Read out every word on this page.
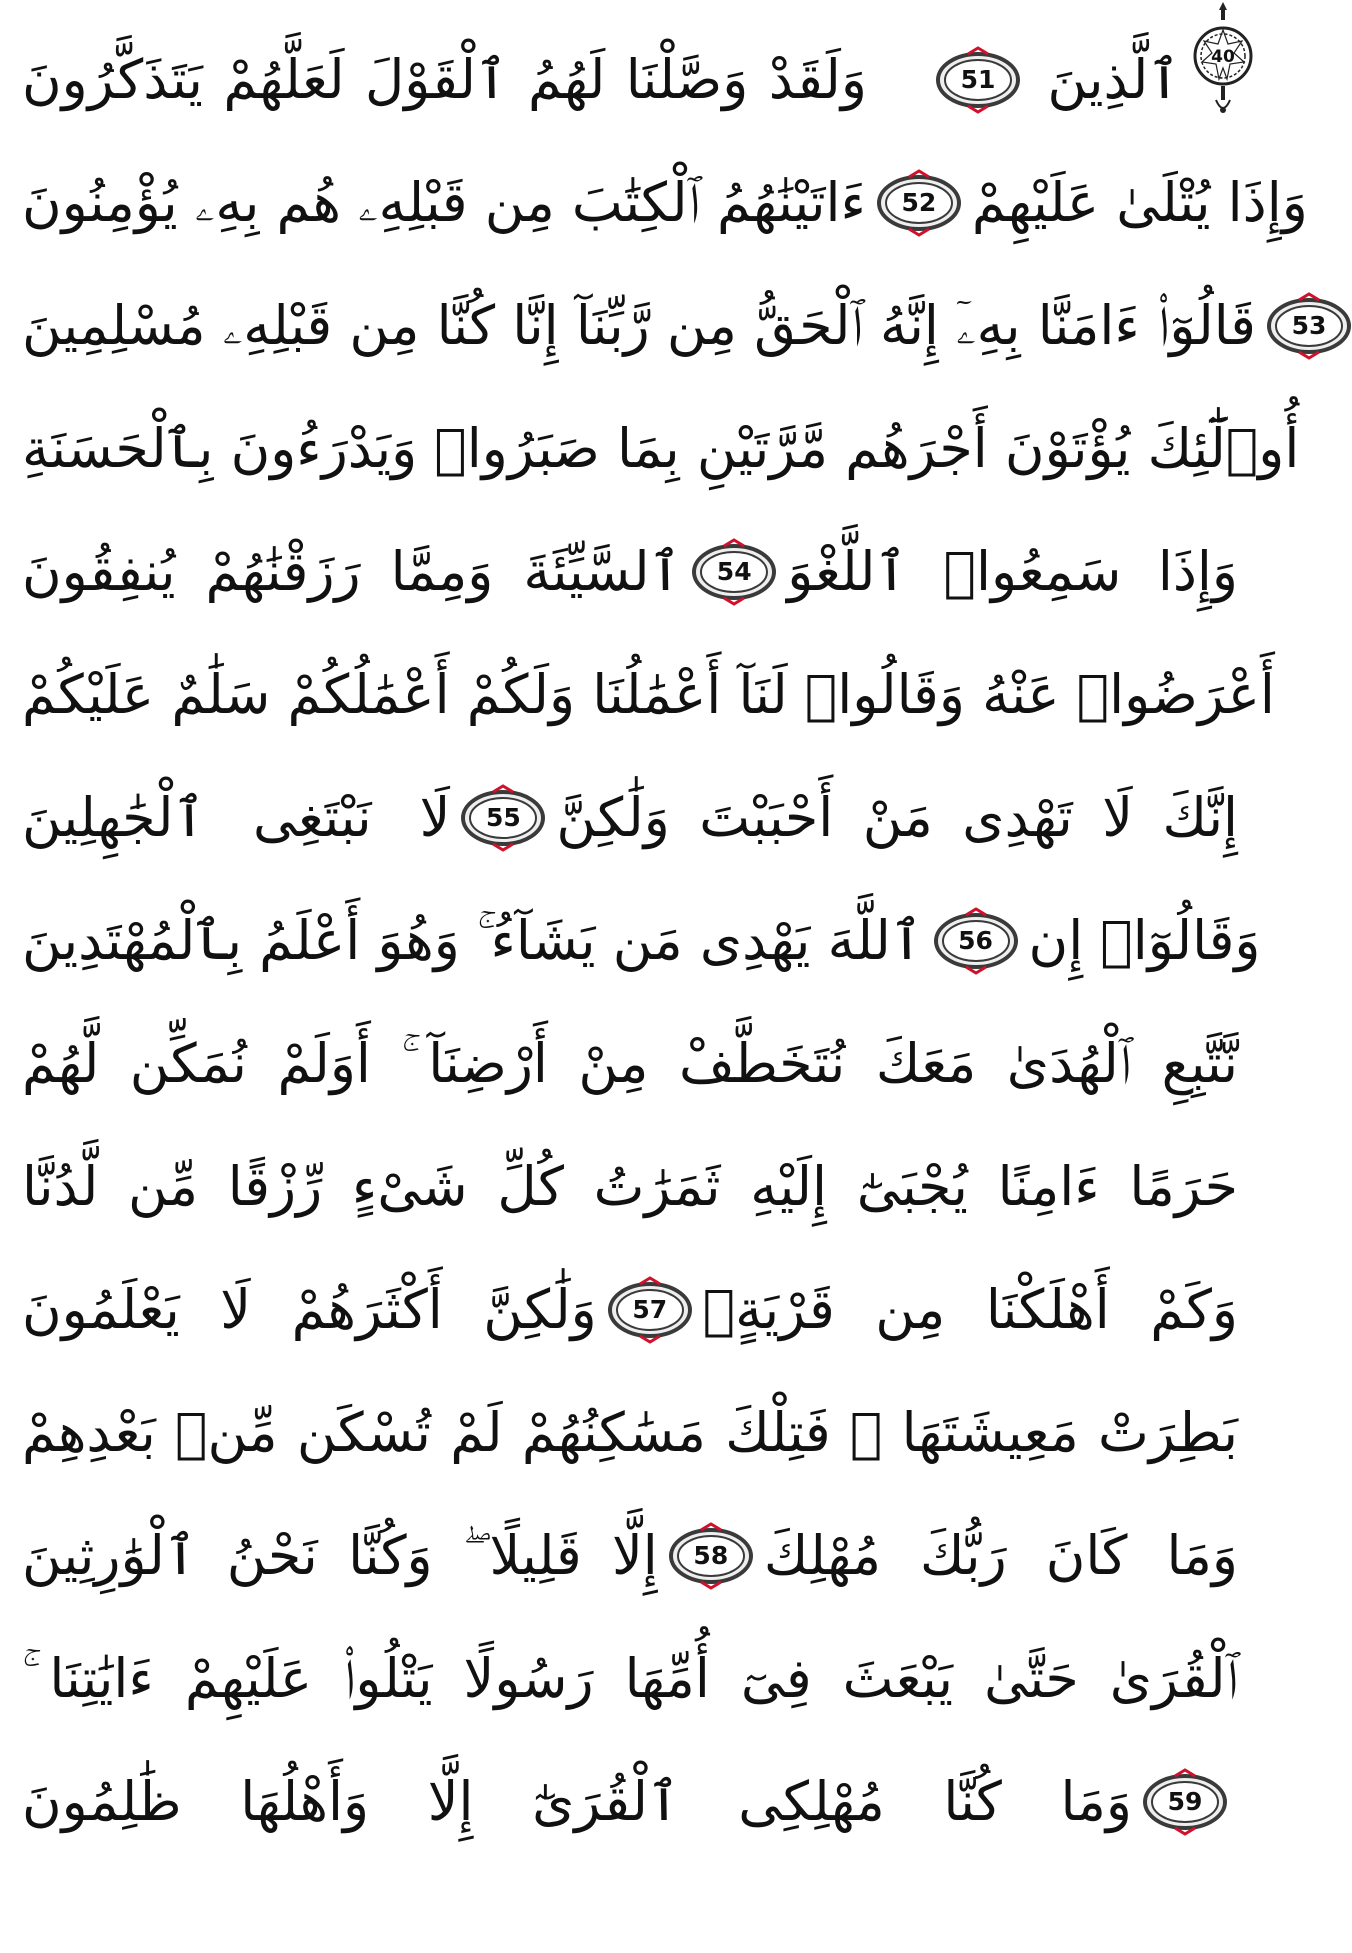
40
وَلَقَدْ وَصَّلْنَا لَهُمُ ٱلْقَوْلَ لَعَلَّهُمْ يَتَذَكَّرُونَ	51 ٱلَّذِينَ
ءَاتَيْنَٰهُمُ ٱلْكِتَٰبَ مِن قَبْلِهِۦ هُم بِهِۦ يُؤْمِنُونَ 52 وَإِذَا يُتْلَىٰ عَلَيْهِمْ
قَالُوٓا۟ ءَامَنَّا بِهِۦٓ إِنَّهُ ٱلْحَقُّ مِن رَّبِّنَآ إِنَّا كُنَّا مِن قَبْلِهِۦ مُسْلِمِينَ 53
أُو۟لَٰٓئِكَ يُؤْتَوْنَ أَجْرَهُم مَّرَّتَيْنِ بِمَا صَبَرُوا۟ وَيَدْرَءُونَ بِٱلْحَسَنَةِ
ٱلسَّيِّئَةَ وَمِمَّا رَزَقْنَٰهُمْ يُنفِقُونَ 54 وَإِذَا سَمِعُوا۟ ٱللَّغْوَ
أَعْرَضُوا۟ عَنْهُ وَقَالُوا۟ لَنَآ أَعْمَٰلُنَا وَلَكُمْ أَعْمَٰلُكُمْ سَلَٰمٌ عَلَيْكُمْ
لَا نَبْتَغِى ٱلْجَٰهِلِينَ 55 إِنَّكَ لَا تَهْدِى مَنْ أَحْبَبْتَ وَلَٰكِنَّ
ٱللَّهَ يَهْدِى مَن يَشَآءُ ۚ وَهُوَ أَعْلَمُ بِٱلْمُهْتَدِينَ 56 وَقَالُوٓا۟ إِن
نَّتَّبِعِ ٱلْهُدَىٰ مَعَكَ نُتَخَطَّفْ مِنْ أَرْضِنَآ ۚ أَوَلَمْ نُمَكِّن لَّهُمْ
حَرَمًا ءَامِنًا يُجْبَىٰٓ إِلَيْهِ ثَمَرَٰتُ كُلِّ شَىْءٍ رِّزْقًا مِّن لَّدُنَّا
وَلَٰكِنَّ أَكْثَرَهُمْ لَا يَعْلَمُونَ 57 وَكَمْ أَهْلَكْنَا مِن قَرْيَةٍۭ
بَطِرَتْ مَعِيشَتَهَا ۖ فَتِلْكَ مَسَٰكِنُهُمْ لَمْ تُسْكَن مِّنۢ بَعْدِهِمْ
إِلَّا قَلِيلًا ۖ وَكُنَّا نَحْنُ ٱلْوَٰرِثِينَ 58 وَمَا كَانَ رَبُّكَ مُهْلِكَ
ٱلْقُرَىٰ حَتَّىٰ يَبْعَثَ فِىٓ أُمِّهَا رَسُولًا يَتْلُوا۟ عَلَيْهِمْ ءَايَٰتِنَا ۚ
وَمَا كُنَّا مُهْلِكِى ٱلْقُرَىٰٓ إِلَّا وَأَهْلُهَا ظَٰلِمُونَ 59
